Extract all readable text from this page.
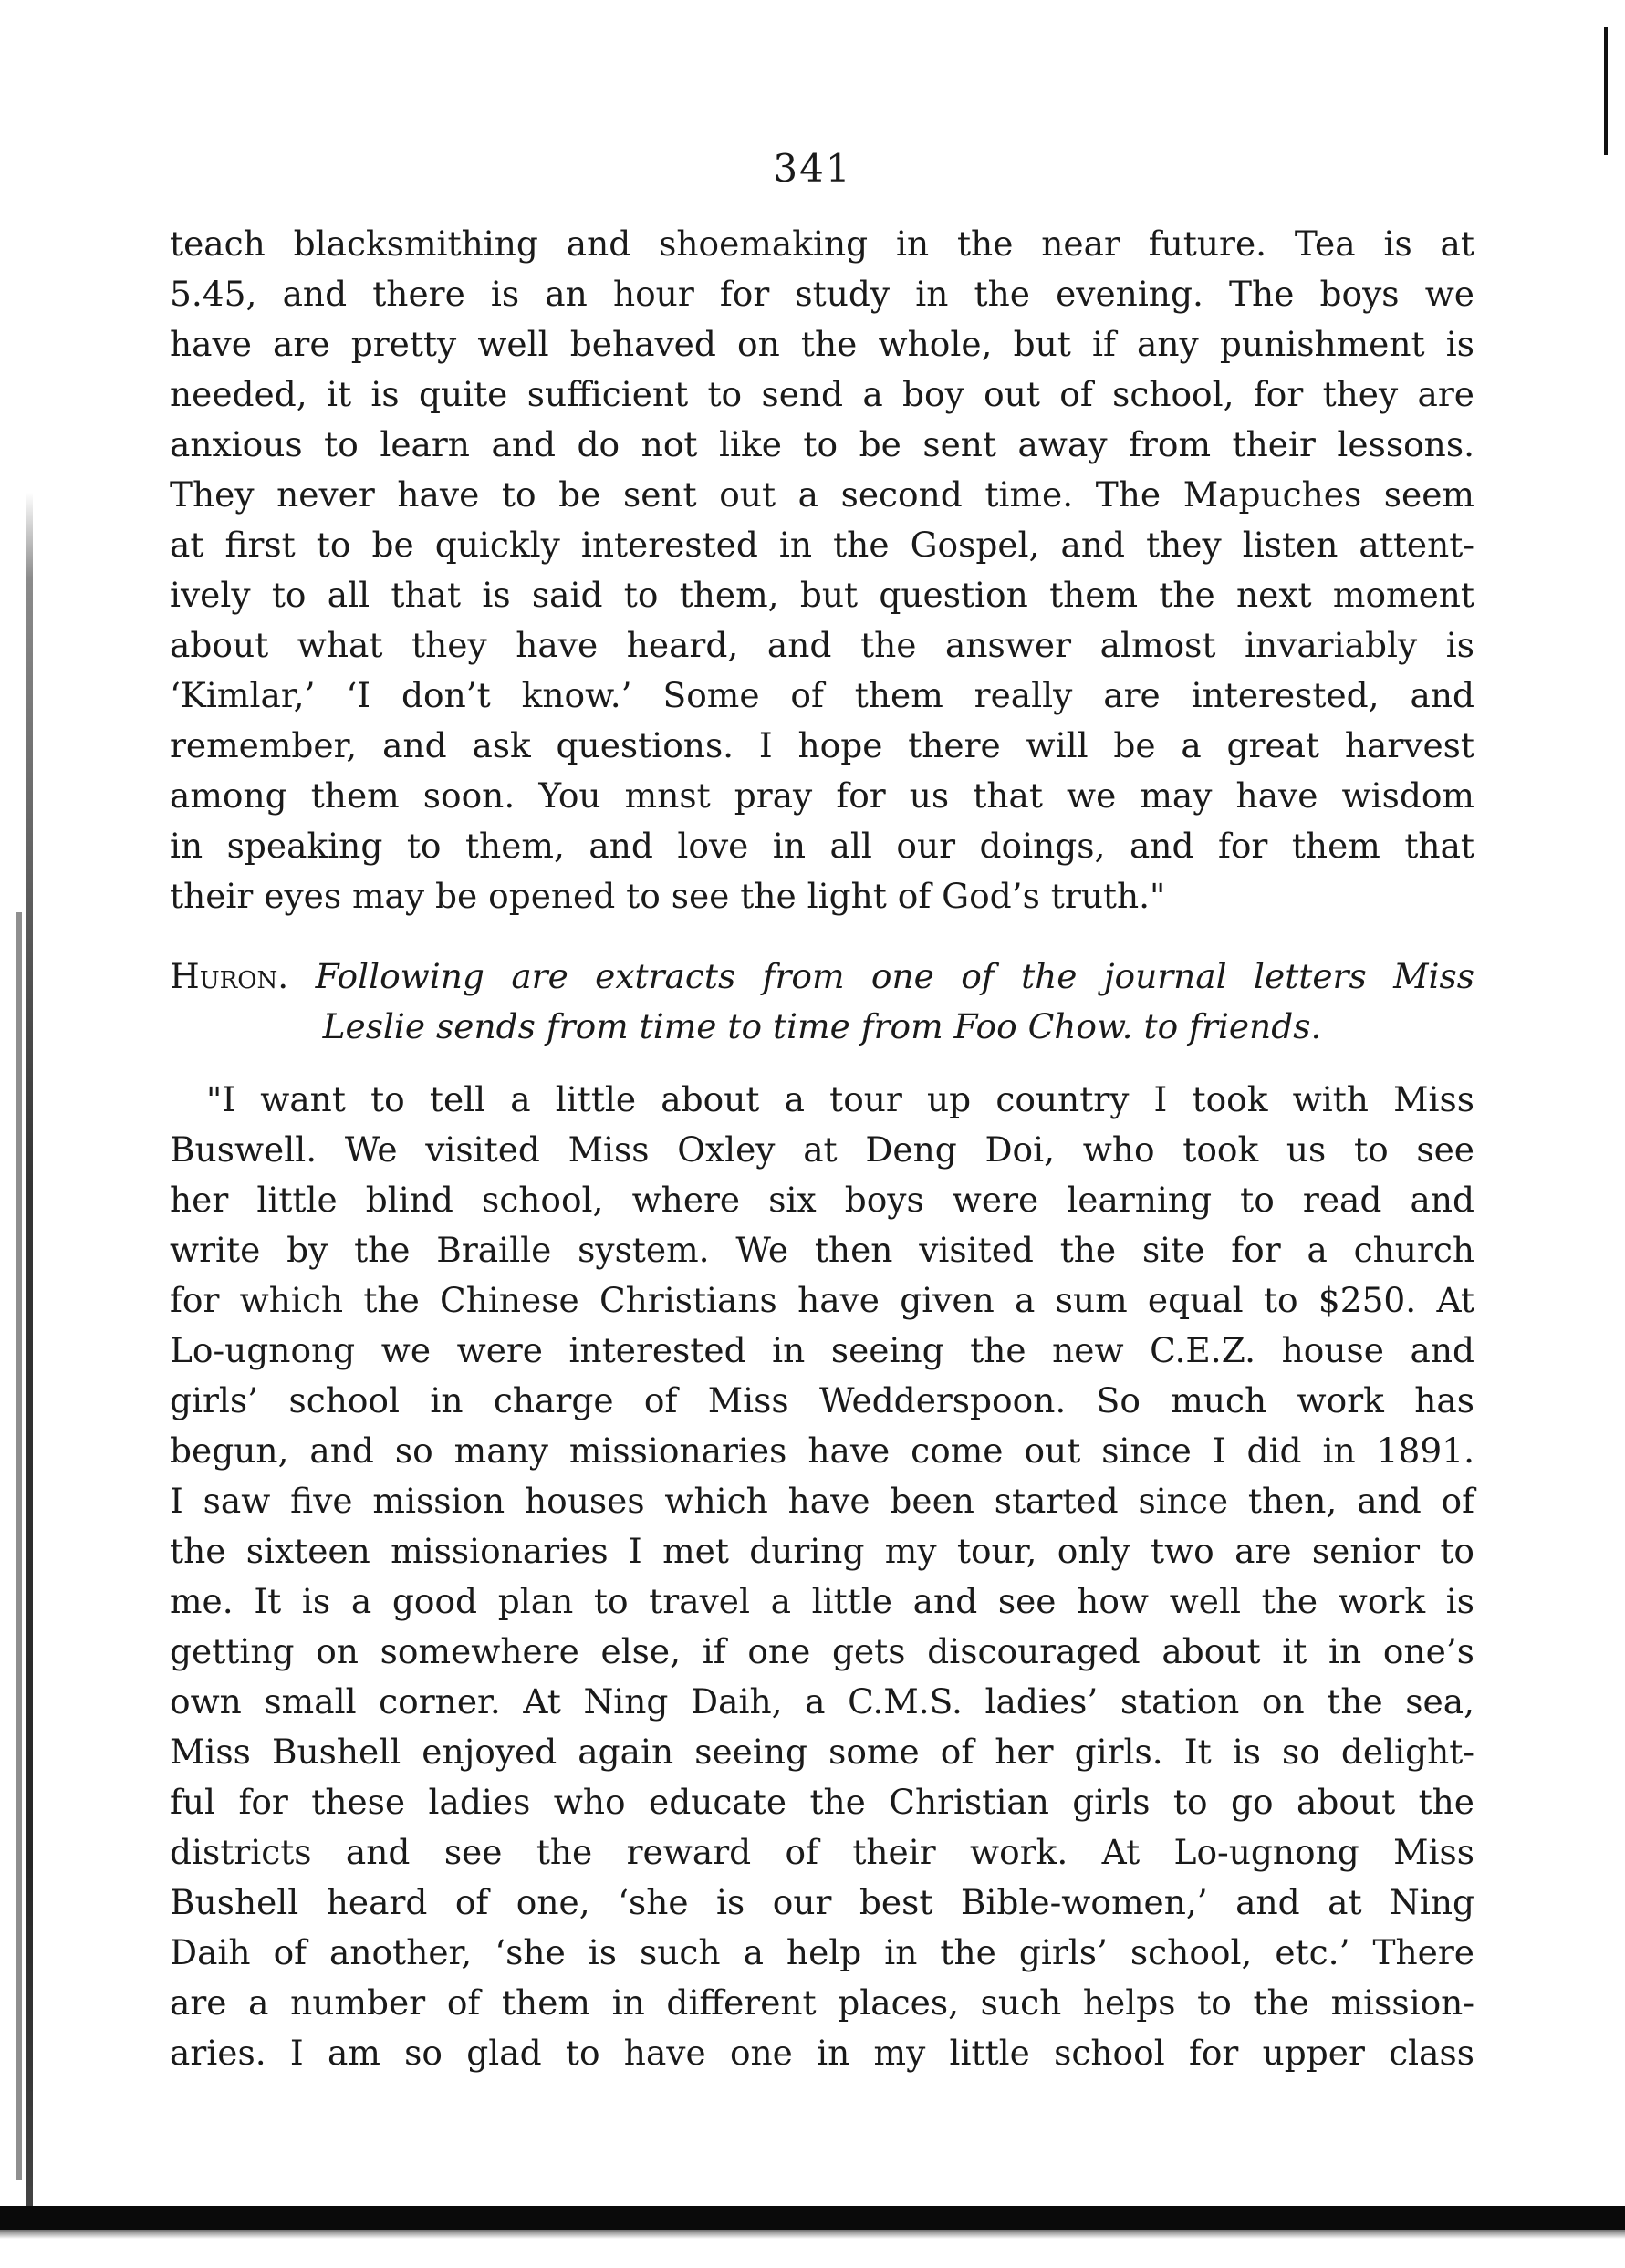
341
teach blacksmithing and shoemaking in the near future. Tea is at
5.45, and there is an hour for study in the evening. The boys we
have are pretty well behaved on the whole, but if any punishment is
needed, it is quite sufficient to send a boy out of school, for they are
anxious to learn and do not like to be sent away from their lessons.
They never have to be sent out a second time. The Mapuches seem
at first to be quickly interested in the Gospel, and they listen attent-
ively to all that is said to them, but question them the next moment
about what they have heard, and the answer almost invariably is
‘Kimlar,’ ‘I don’t know.’ Some of them really are interested, and
remember, and ask questions. I hope there will be a great harvest
among them soon. You mnst pray for us that we may have wisdom
in speaking to them, and love in all our doings, and for them that
their eyes may be opened to see the light of God’s truth."
Huron. Following are extracts from one of the journal letters Miss
Leslie sends from time to time from Foo Chow. to friends.
"I want to tell a little about a tour up country I took with Miss
Buswell. We visited Miss Oxley at Deng Doi, who took us to see
her little blind school, where six boys were learning to read and
write by the Braille system. We then visited the site for a church
for which the Chinese Christians have given a sum equal to $250. At
Lo-ugnong we were interested in seeing the new C.E.Z. house and
girls’ school in charge of Miss Wedderspoon. So much work has
begun, and so many missionaries have come out since I did in 1891.
I saw five mission houses which have been started since then, and of
the sixteen missionaries I met during my tour, only two are senior to
me. It is a good plan to travel a little and see how well the work is
getting on somewhere else, if one gets discouraged about it in one’s
own small corner. At Ning Daih, a C.M.S. ladies’ station on the sea,
Miss Bushell enjoyed again seeing some of her girls. It is so delight-
ful for these ladies who educate the Christian girls to go about the
districts and see the reward of their work. At Lo-ugnong Miss
Bushell heard of one, ‘she is our best Bible-women,’ and at Ning
Daih of another, ‘she is such a help in the girls’ school, etc.’ There
are a number of them in different places, such helps to the mission-
aries. I am so glad to have one in my little school for upper class
